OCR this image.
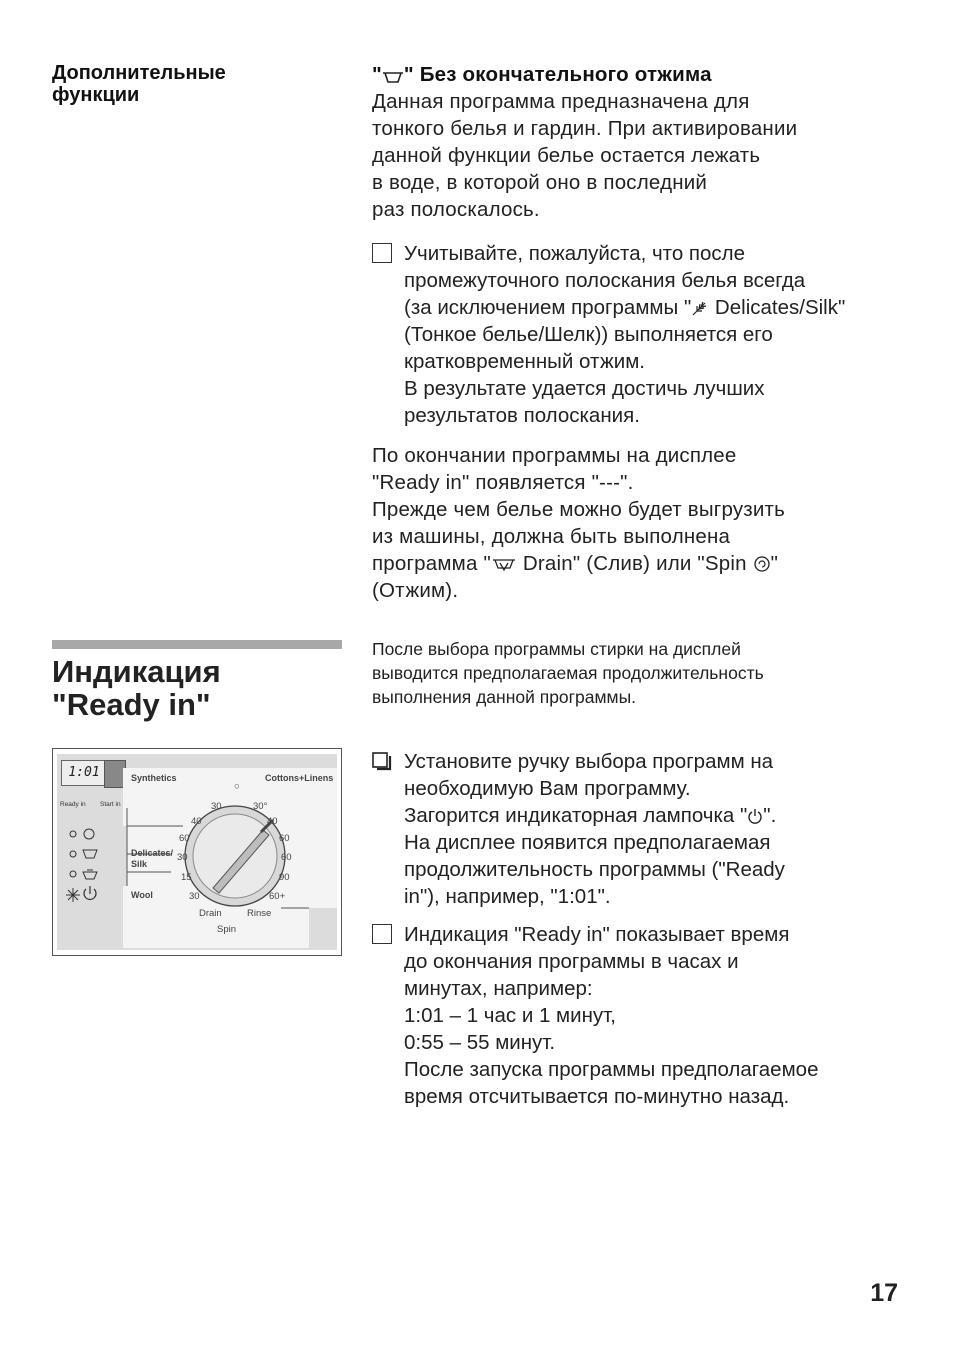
Дополнительные
функции
" " Без окончательного отжима
Данная программа предназначена для
тонкого белья и гардин. При активировании
данной функции белье остается лежать
в воде, в которой оно в последний
раз полоскалось.
Учитывайте, пожалуйста, что после
промежуточного полоскания белья всегда
(за исключением программы " Delicates/Silk"
(Тонкое белье/Шелк)) выполняется его
кратковременный отжим.
В результате удается достичь лучших
результатов полоскания.
По окончании программы на дисплее
"Ready in" появляется "---".
Прежде чем белье можно будет выгрузить
из машины, должна быть выполнена
программа " Drain" (Слив) или "Spin "
(Отжим).
Индикация
"Ready in"
После выбора программы стирки на дисплей
выводится предполагаемая продолжительность
выполнения данной программы.
Установите ручку выбора программ на
необходимую Вам программу.
Загорится индикаторная лампочка " ".
На дисплее появится предполагаемая
продолжительность программы ("Ready
in"), например, "1:01".
Индикация "Ready in" показывает время
до окончания программы в часах и
минутах, например:
1:01 – 1 час и 1 минут,
0:55 – 55 минут.
После запуска программы предполагаемое
время отсчитывается по-минутно назад.
1:01
Ready in Start in
Synthetics	Cottons+Linens
Delicates/
Silk
Wool
○
30
40
60
30
15
30
30°
40
60
60
90
60+
Drain	Rinse
Spin
17
